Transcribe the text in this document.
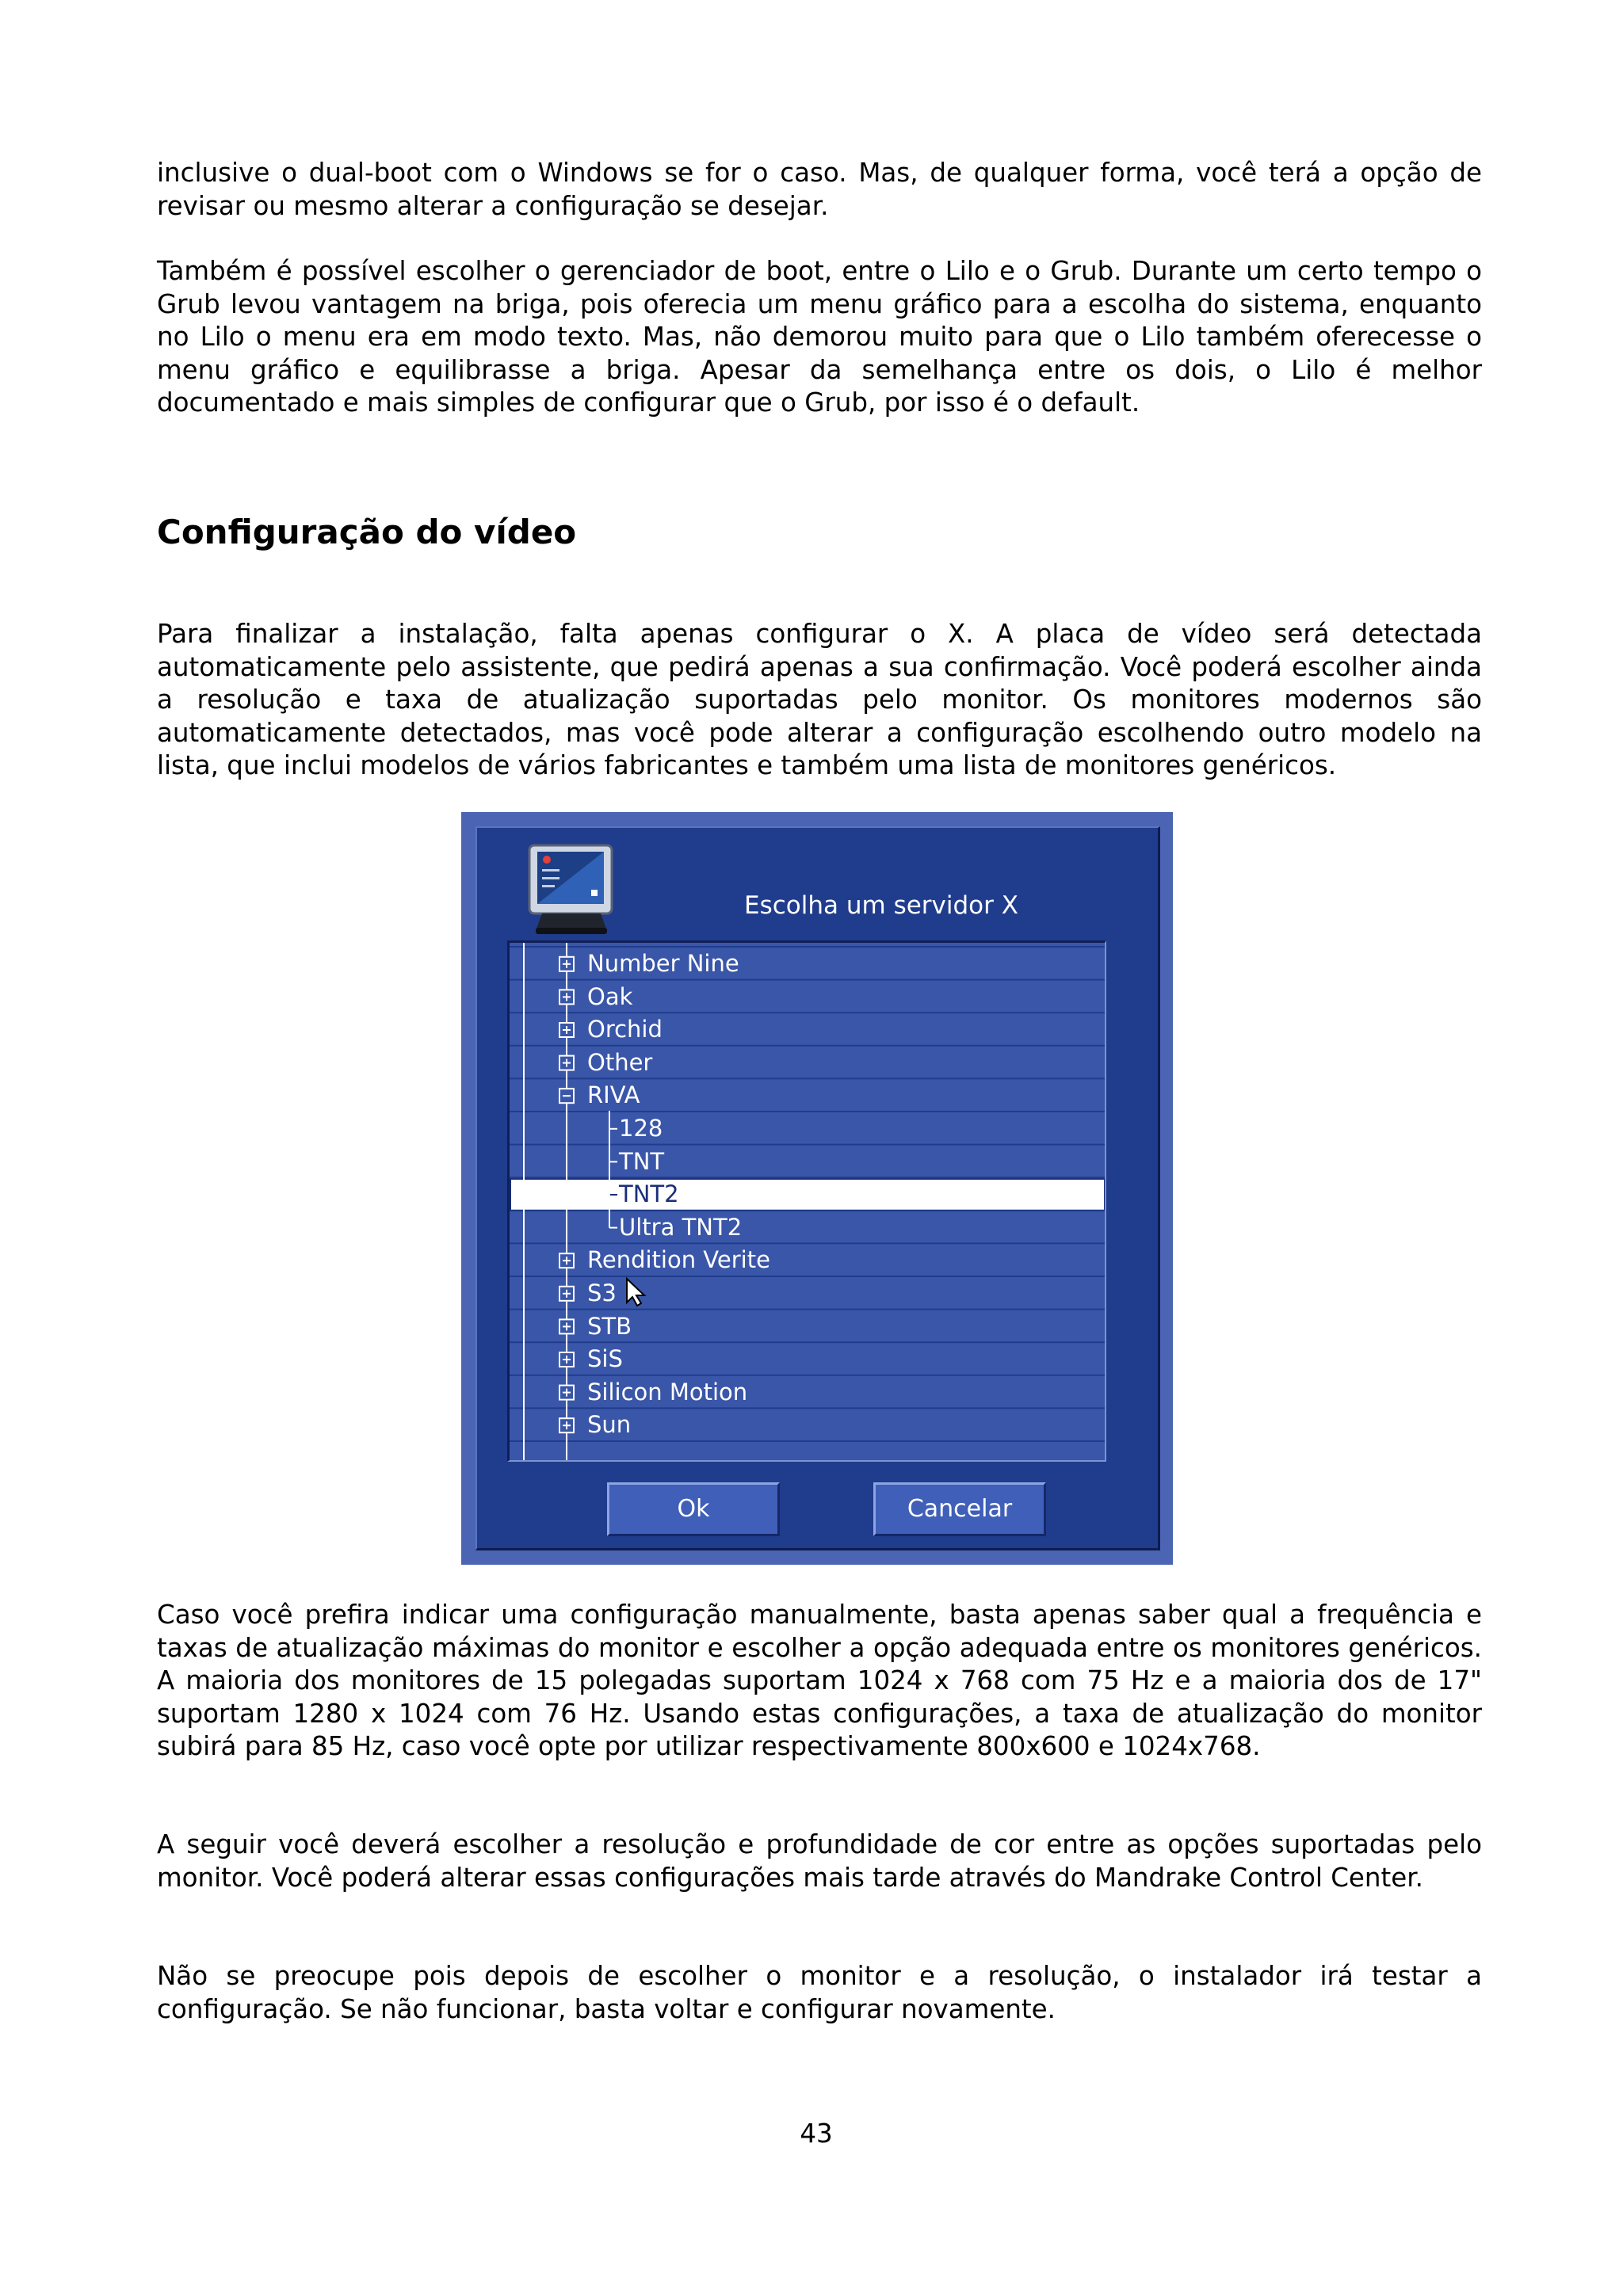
inclusive o dual-boot com o Windows se for o caso. Mas, de qualquer forma, você terá a opção de revisar ou mesmo alterar a configuração se desejar.

Também é possível escolher o gerenciador de boot, entre o Lilo e o Grub. Durante um certo tempo o Grub levou vantagem na briga, pois oferecia um menu gráfico para a escolha do sistema, enquanto no Lilo o menu era em modo texto. Mas, não demorou muito para que o Lilo também oferecesse o menu gráfico e equilibrasse a briga. Apesar da semelhança entre os dois, o Lilo é melhor documentado e mais simples de configurar que o Grub, por isso é o default.

Configuração do vídeo

Para finalizar a instalação, falta apenas configurar o X. A placa de vídeo será detectada automaticamente pelo assistente, que pedirá apenas a sua confirmação. Você poderá escolher ainda a resolução e taxa de atualização suportadas pelo monitor. Os monitores modernos são automaticamente detectados, mas você pode alterar a configuração escolhendo outro modelo na lista, que inclui modelos de vários fabricantes e também uma lista de monitores genéricos.

Escolha um servidor X
Number Nine
Oak
Orchid
Other
RIVA
128
TNT
TNT2
Ultra TNT2
Rendition Verite
S3
STB
SiS
Silicon Motion
Sun
Ok	Cancelar

Caso você prefira indicar uma configuração manualmente, basta apenas saber qual a frequência e taxas de atualização máximas do monitor e escolher a opção adequada entre os monitores genéricos. A maioria dos monitores de 15 polegadas suportam 1024 x 768 com 75 Hz e a maioria dos de 17" suportam 1280 x 1024 com 76 Hz. Usando estas configurações, a taxa de atualização do monitor subirá para 85 Hz, caso você opte por utilizar respectivamente 800x600 e 1024x768.

A seguir você deverá escolher a resolução e profundidade de cor entre as opções suportadas pelo monitor. Você poderá alterar essas configurações mais tarde através do Mandrake Control Center.

Não se preocupe pois depois de escolher o monitor e a resolução, o instalador irá testar a configuração. Se não funcionar, basta voltar e configurar novamente.

43
